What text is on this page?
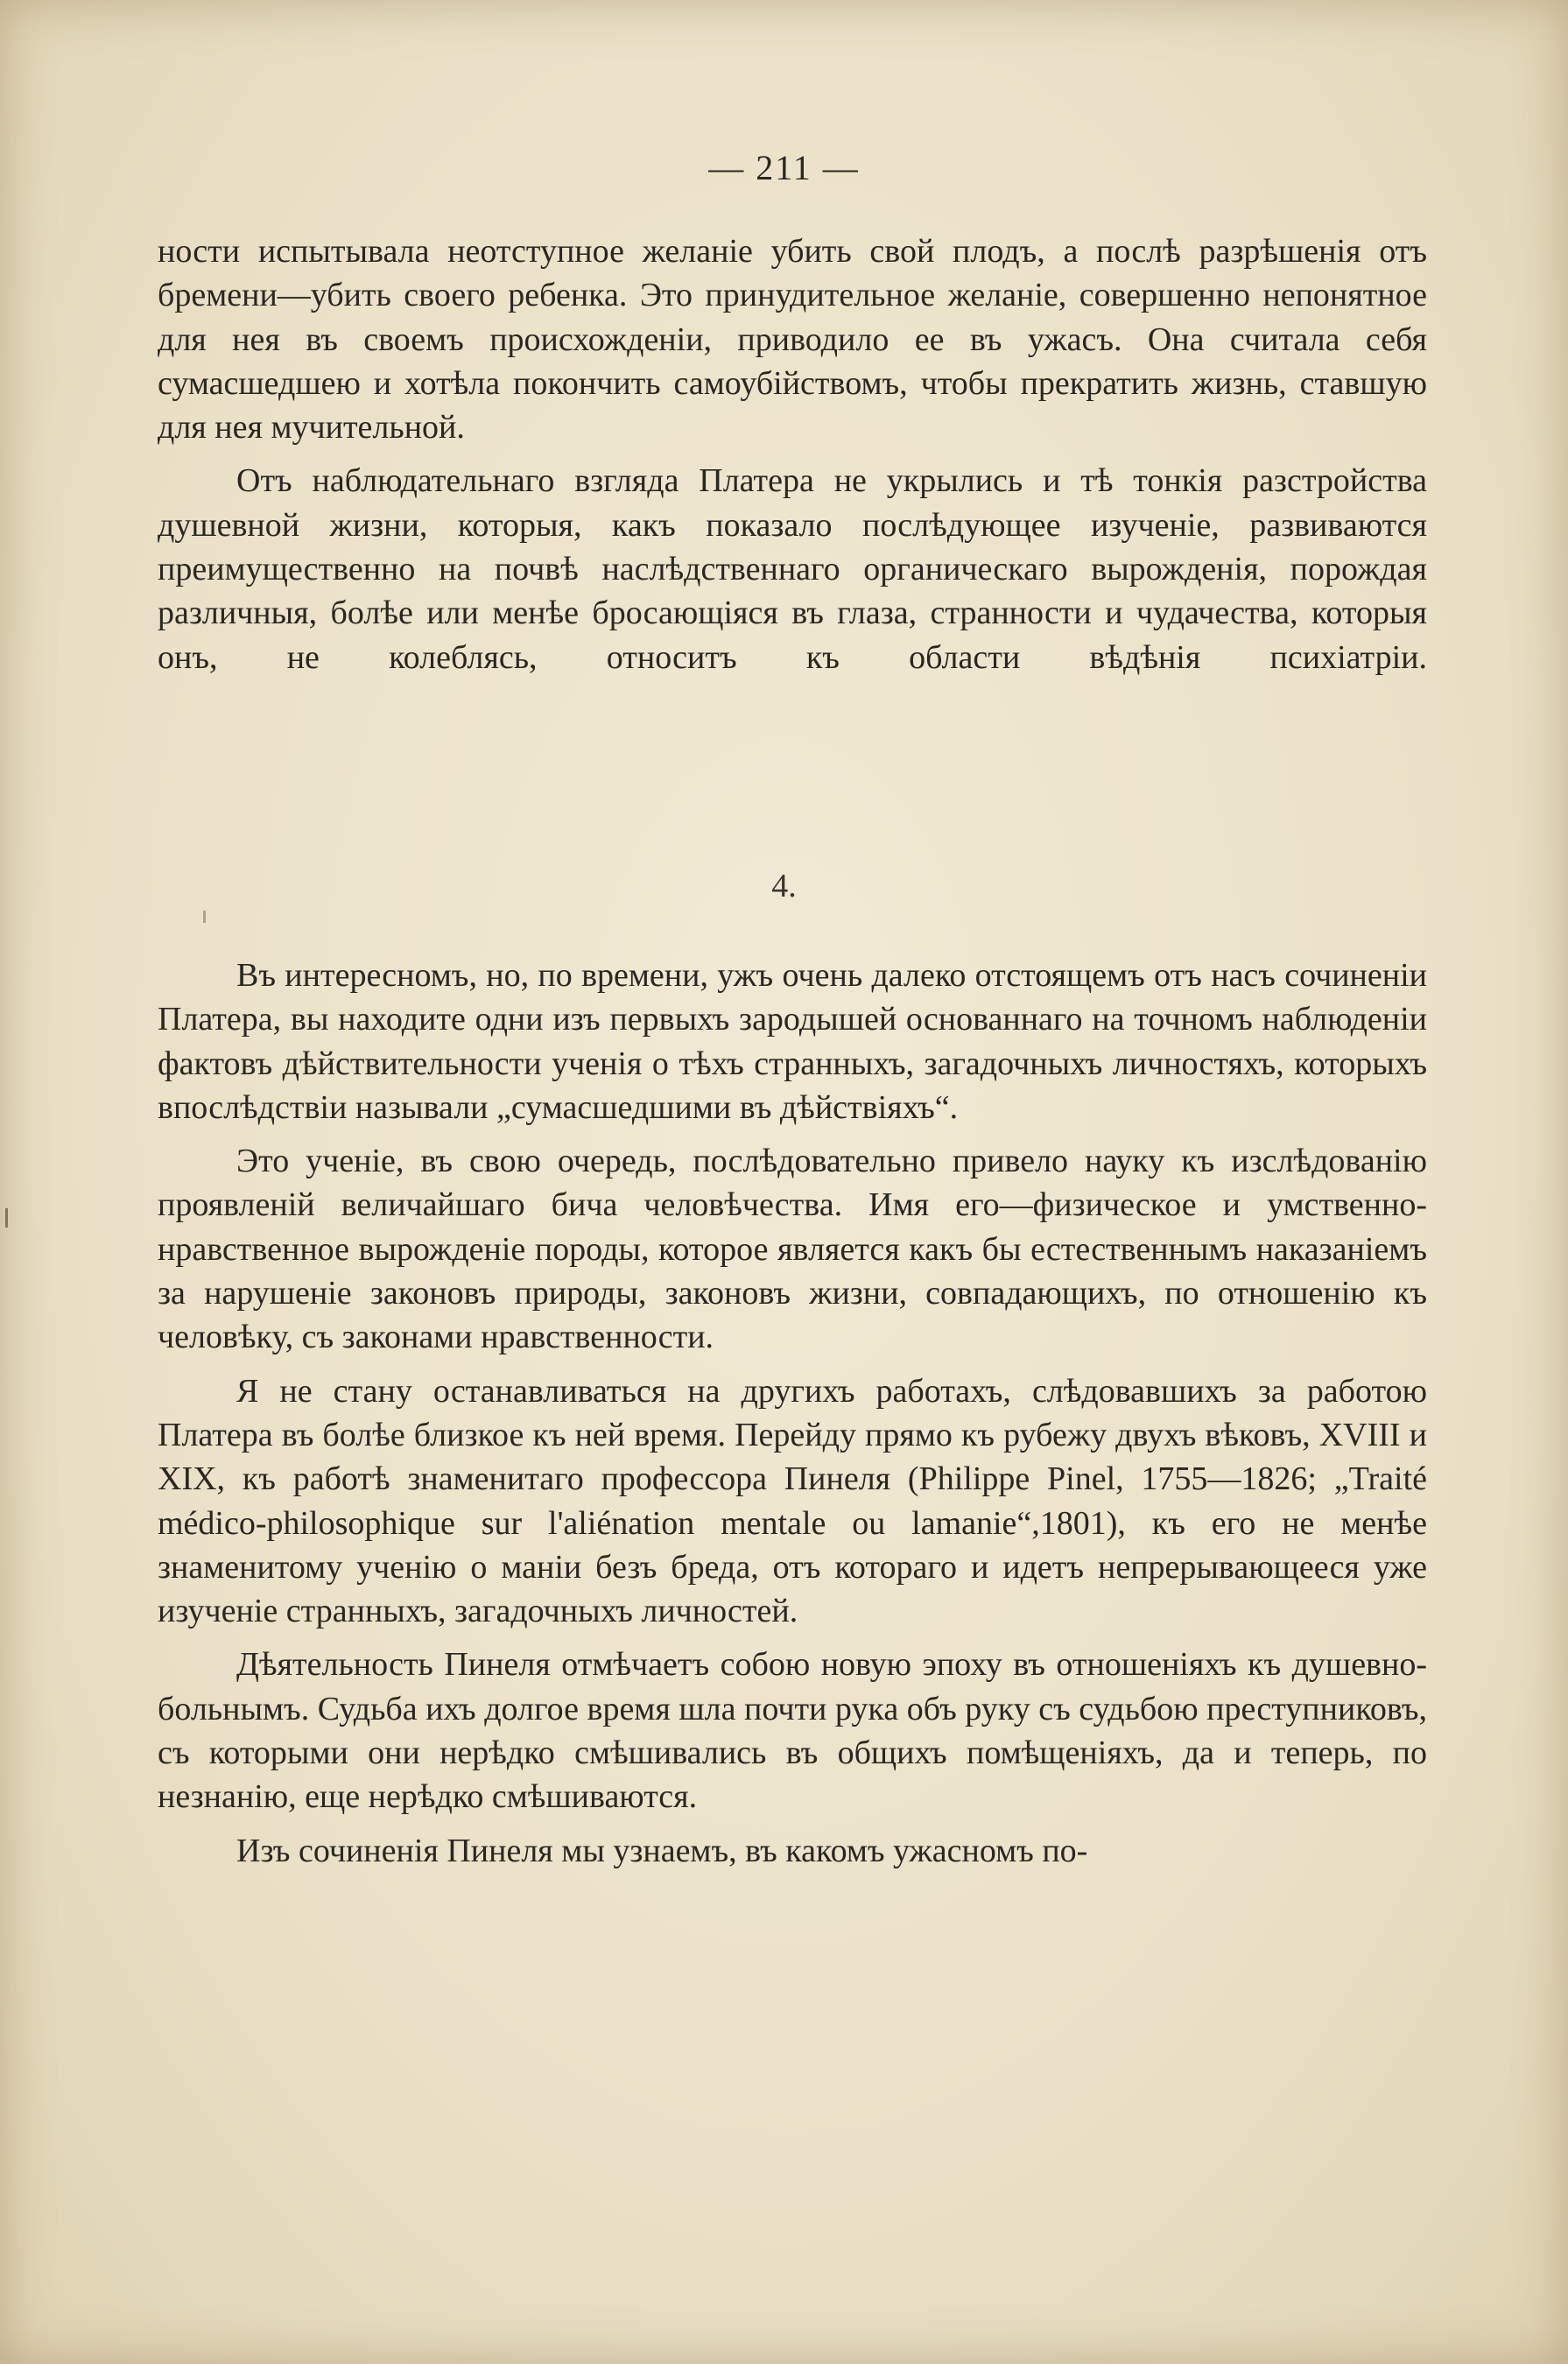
— 211 —

ности испытывала неотступное желаніе убить свой плодъ, а послѣ разрѣшенія отъ бремени—убить своего ребенка. Это принудительное желаніе, совершенно непонятное для нея въ своемъ происхожденіи, приводило ее въ ужасъ. Она считала себя сумасшедшею и хотѣла покончить самоубійствомъ, чтобы прекратить жизнь, ставшую для нея мучительной.

Отъ наблюдательнаго взгляда Платера не укрылись и тѣ тонкія разстройства душевной жизни, которыя, какъ показало послѣдующее изученіе, развиваются преимущественно на почвѣ наслѣдственнаго органическаго вырожденія, порождая различныя, болѣе или менѣе бросающіяся въ глаза, странности и чудачества, которыя онъ, не колеблясь, относитъ къ области вѣдѣнія психіатріи.

4.

Въ интересномъ, но, по времени, ужъ очень далеко отстоящемъ отъ насъ сочиненіи Платера, вы находите одни изъ первыхъ зародышей основаннаго на точномъ наблюденіи фактовъ дѣйствительности ученія о тѣхъ странныхъ, загадочныхъ личностяхъ, которыхъ впослѣдствіи называли „сумасшедшими въ дѣйствіяхъ“.

Это ученіе, въ свою очередь, послѣдовательно привело науку къ изслѣдованію проявленій величайшаго бича человѣчества. Имя его—физическое и умственно-нравственное вырожденіе породы, которое является какъ бы естественнымъ наказаніемъ за нарушеніе законовъ природы, законовъ жизни, совпадающихъ, по отношенію къ человѣку, съ законами нравственности.

Я не стану останавливаться на другихъ работахъ, слѣдовавшихъ за работою Платера въ болѣе близкое къ ней время. Перейду прямо къ рубежу двухъ вѣковъ, XVIII и XIX, къ работѣ знаменитаго профессора Пинеля (Philippe Pinel, 1755—1826; „Traité médico-philosophique sur l'aliénation mentale ou lamanie“,1801), къ его не менѣе знаменитому ученію о маніи безъ бреда, отъ котораго и идетъ непрерывающееся уже изученіе странныхъ, загадочныхъ личностей.

Дѣятельность Пинеля отмѣчаетъ собою новую эпоху въ отношеніяхъ къ душевно-больнымъ. Судьба ихъ долгое время шла почти рука объ руку съ судьбою преступниковъ, съ которыми они нерѣдко смѣшивались въ общихъ помѣщеніяхъ, да и теперь, по незнанію, еще нерѣдко смѣшиваются.

Изъ сочиненія Пинеля мы узнаемъ, въ какомъ ужасномъ по-
